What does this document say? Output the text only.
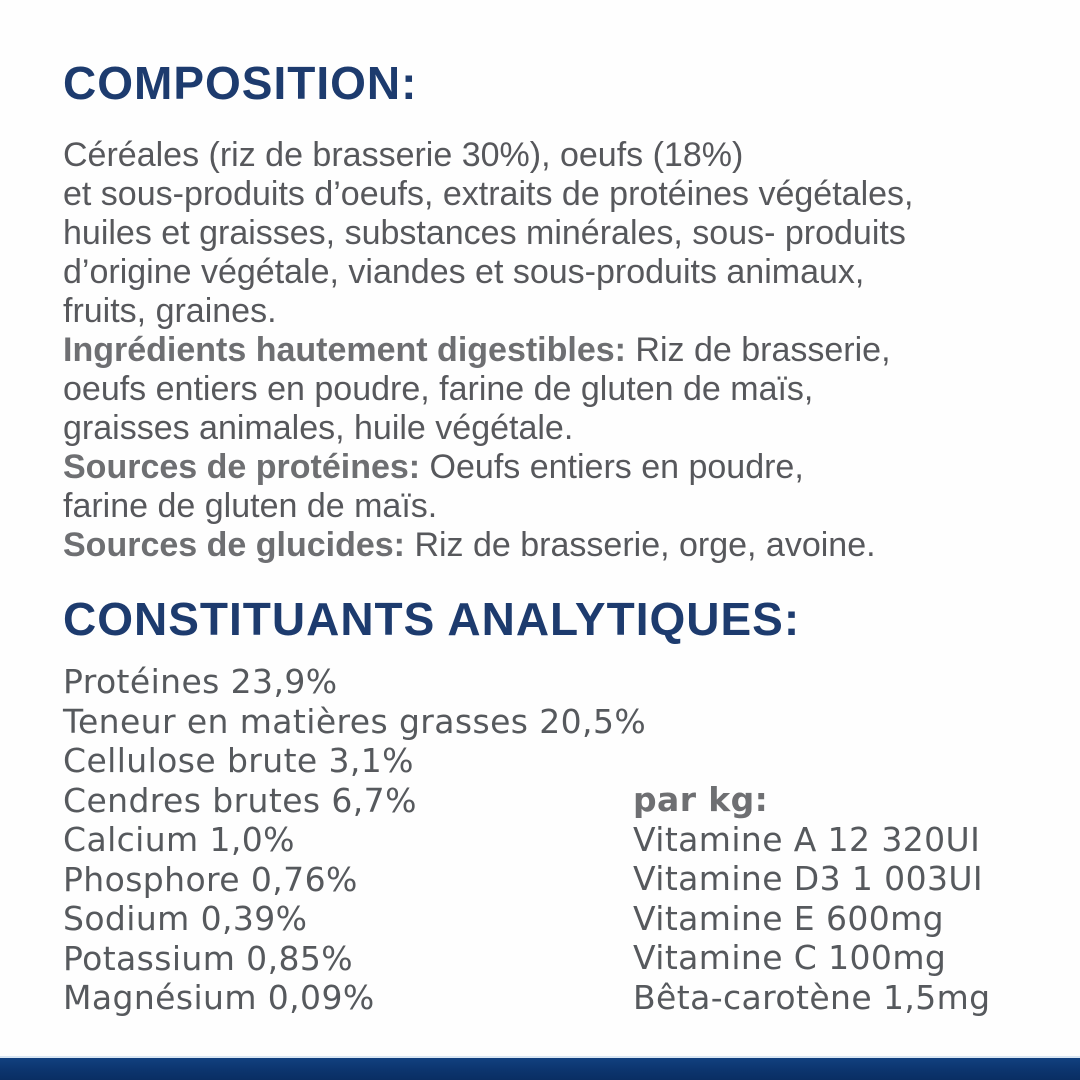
COMPOSITION:
Céréales (riz de brasserie 30%), oeufs (18%)
et sous-produits d’oeufs, extraits de protéines végétales,
huiles et graisses, substances minérales, sous- produits
d’origine végétale, viandes et sous-produits animaux,
fruits, graines.
Ingrédients hautement digestibles: Riz de brasserie,
oeufs entiers en poudre, farine de gluten de maïs,
graisses animales, huile végétale.
Sources de protéines: Oeufs entiers en poudre,
farine de gluten de maïs.
Sources de glucides: Riz de brasserie, orge, avoine.
CONSTITUANTS ANALYTIQUES:
Protéines 23,9%
Teneur en matières grasses 20,5%
Cellulose brute 3,1%
Cendres brutes 6,7%
Calcium 1,0%
Phosphore 0,76%
Sodium 0,39%
Potassium 0,85%
Magnésium 0,09%
par kg:
Vitamine A 12 320UI
Vitamine D3 1 003UI
Vitamine E 600mg
Vitamine C 100mg
Bêta-carotène 1,5mg
